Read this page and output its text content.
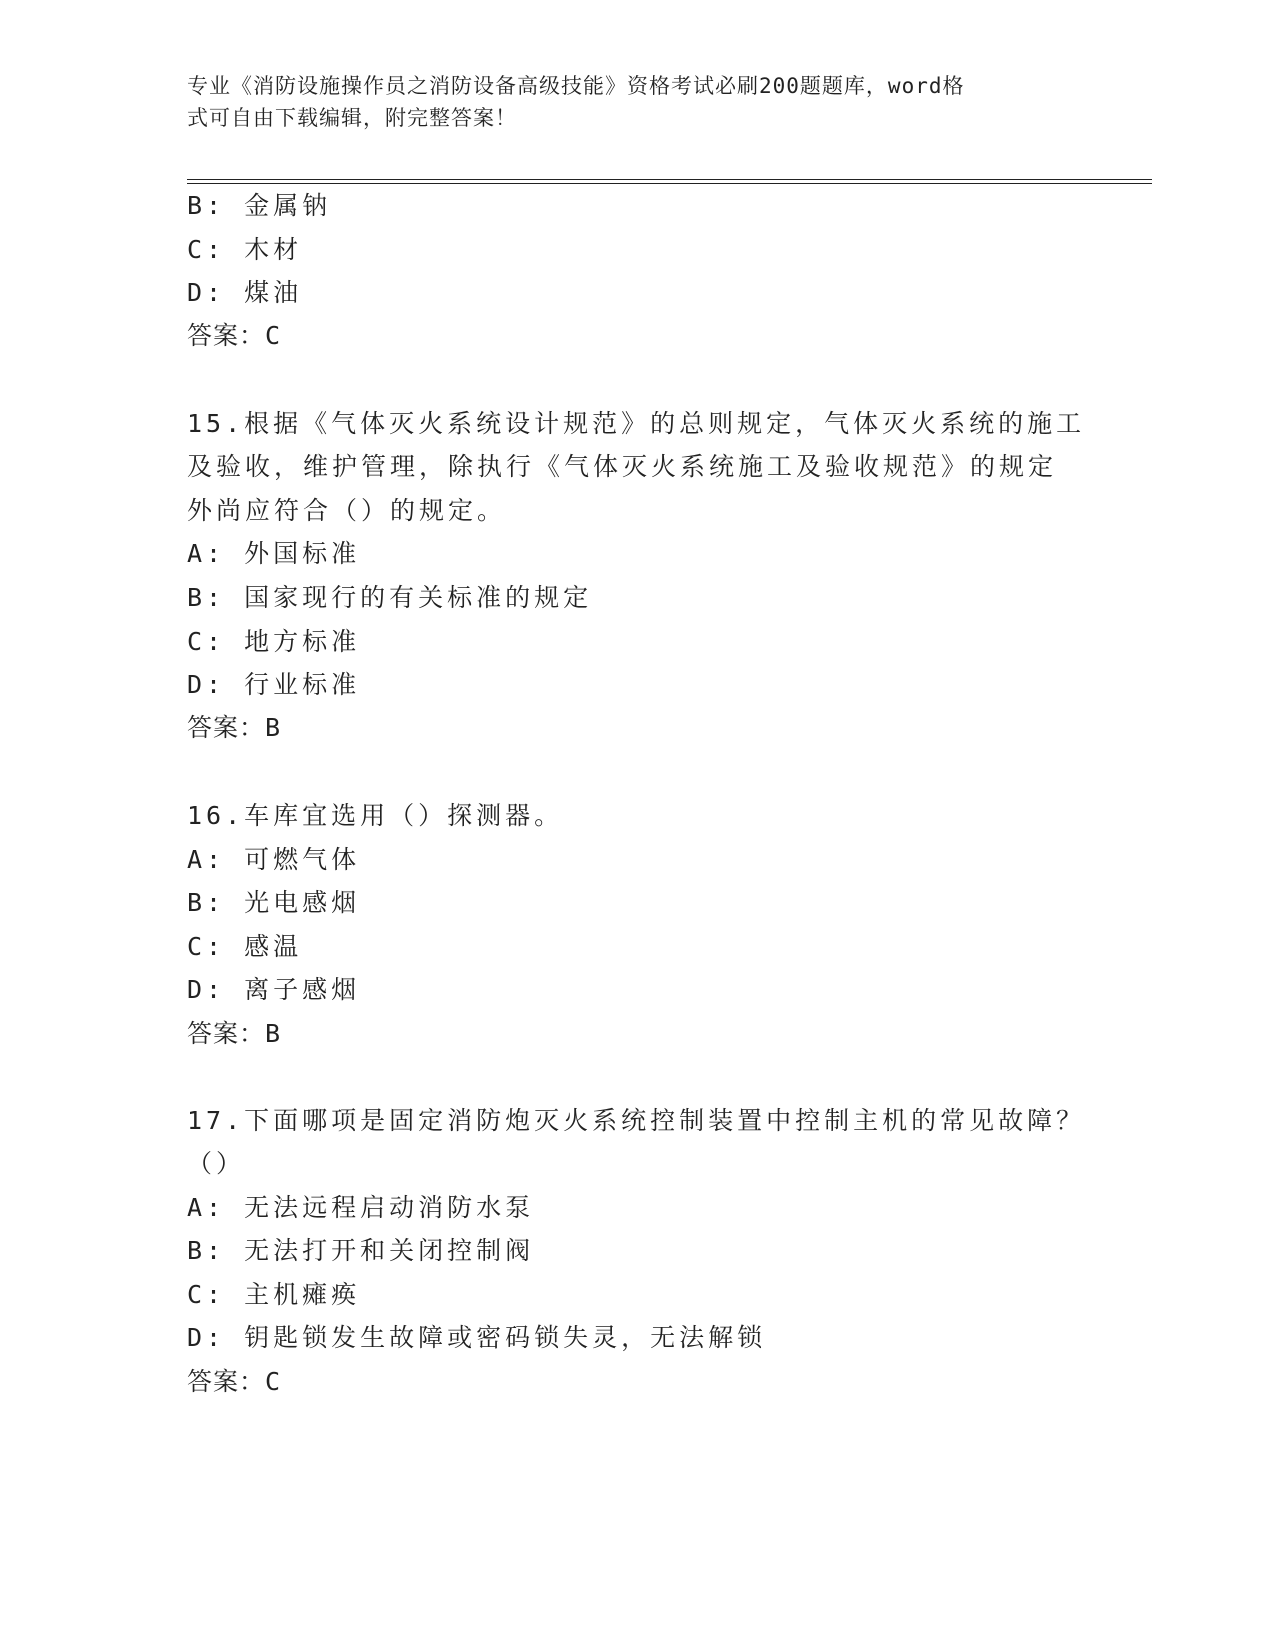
专业《消防设施操作员之消防设备高级技能》资格考试必刷200题题库，word格
式可自由下载编辑，附完整答案！
B: 金属钠
C: 木材
D: 煤油
答案：C
15.根据《气体灭火系统设计规范》的总则规定，气体灭火系统的施工
及验收，维护管理，除执行《气体灭火系统施工及验收规范》的规定
外尚应符合（）的规定。
A: 外国标准
B: 国家现行的有关标准的规定
C: 地方标准
D: 行业标准
答案：B
16.车库宜选用（）探测器。
A: 可燃气体
B: 光电感烟
C: 感温
D: 离子感烟
答案：B
17.下面哪项是固定消防炮灭火系统控制装置中控制主机的常见故障？
（）
A: 无法远程启动消防水泵
B: 无法打开和关闭控制阀
C: 主机瘫痪
D: 钥匙锁发生故障或密码锁失灵，无法解锁
答案：C
